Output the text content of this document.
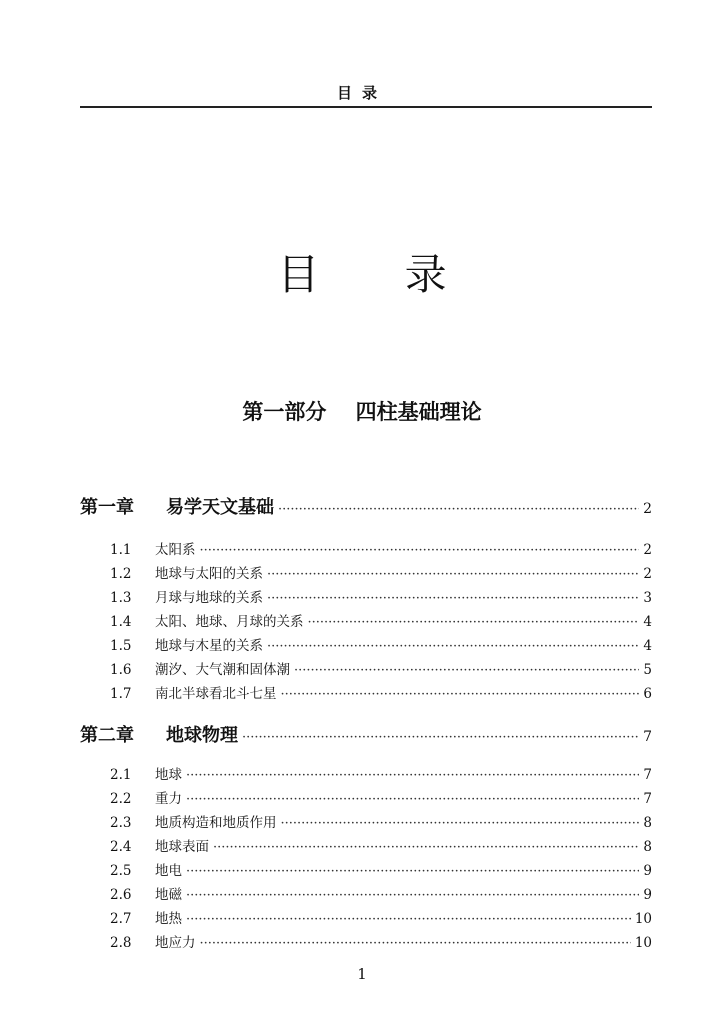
目录
目 录
第一部分    四柱基础理论
第一章	易学天文基础 ·····	2
1.1	太阳系 ·····	2
1.2	地球与太阳的关系 ·····	2
1.3	月球与地球的关系 ·····	3
1.4	太阳、地球、月球的关系 ·····	4
1.5	地球与木星的关系 ·····	4
1.6	潮汐、大气潮和固体潮 ·····	5
1.7	南北半球看北斗七星 ·····	6
第二章	地球物理 ·····	7
2.1	地球 ·····	7
2.2	重力 ·····	7
2.3	地质构造和地质作用 ·····	8
2.4	地球表面 ·····	8
2.5	地电 ·····	9
2.6	地磁 ·····	9
2.7	地热 ·····	10
2.8	地应力 ·····	10
1
